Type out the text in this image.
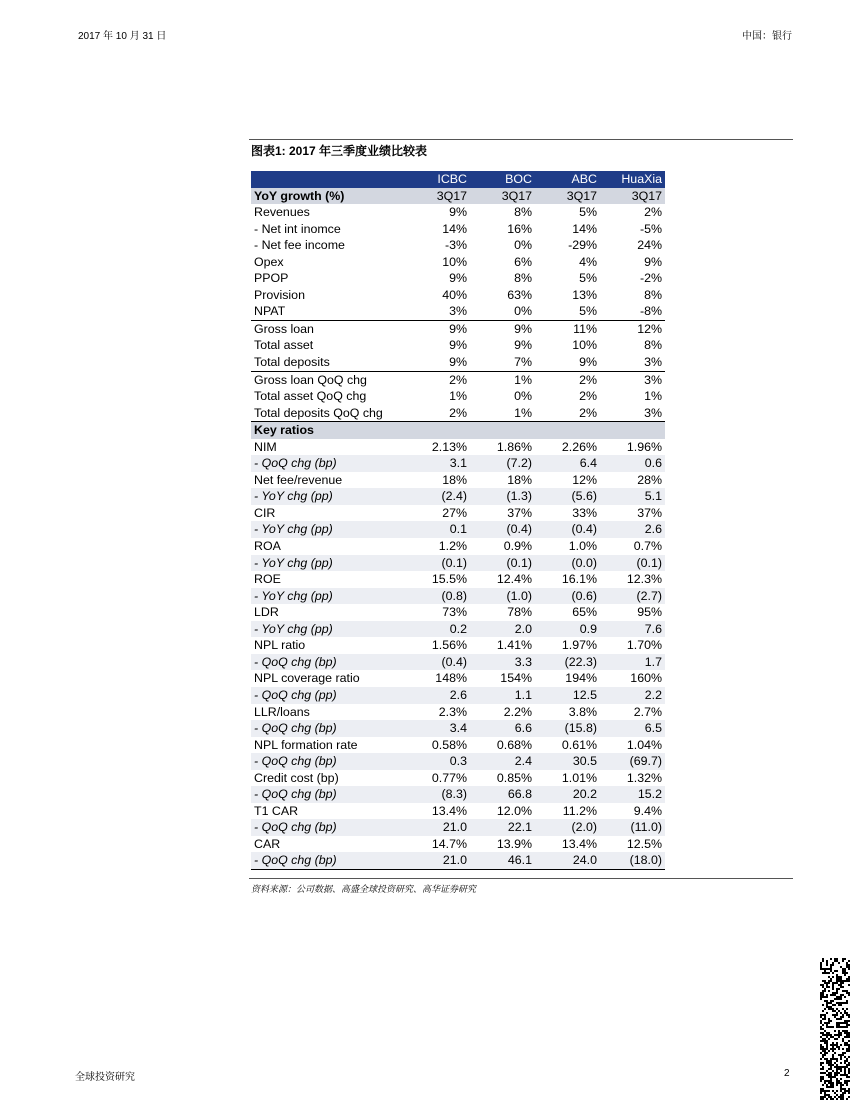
2017 年 10 月 31 日	中国：银行
图表1: 2017 年三季度业绩比较表
	ICBC	BOC	ABC	HuaXia
YoY growth (%)	3Q17	3Q17	3Q17	3Q17
Revenues	9%	8%	5%	2%
- Net int inomce	14%	16%	14%	-5%
- Net fee income	-3%	0%	-29%	24%
Opex	10%	6%	4%	9%
PPOP	9%	8%	5%	-2%
Provision	40%	63%	13%	8%
NPAT	3%	0%	5%	-8%
Gross loan	9%	9%	11%	12%
Total asset	9%	9%	10%	8%
Total deposits	9%	7%	9%	3%
Gross loan QoQ chg	2%	1%	2%	3%
Total asset QoQ chg	1%	0%	2%	1%
Total deposits QoQ chg	2%	1%	2%	3%
Key ratios				
NIM	2.13%	1.86%	2.26%	1.96%
- QoQ chg (bp)	3.1	(7.2)	6.4	0.6
Net fee/revenue	18%	18%	12%	28%
- YoY chg (pp)	(2.4)	(1.3)	(5.6)	5.1
CIR	27%	37%	33%	37%
- YoY chg (pp)	0.1	(0.4)	(0.4)	2.6
ROA	1.2%	0.9%	1.0%	0.7%
- YoY chg (pp)	(0.1)	(0.1)	(0.0)	(0.1)
ROE	15.5%	12.4%	16.1%	12.3%
- YoY chg (pp)	(0.8)	(1.0)	(0.6)	(2.7)
LDR	73%	78%	65%	95%
- YoY chg (pp)	0.2	2.0	0.9	7.6
NPL ratio	1.56%	1.41%	1.97%	1.70%
- QoQ chg (bp)	(0.4)	3.3	(22.3)	1.7
NPL coverage ratio	148%	154%	194%	160%
- QoQ chg (pp)	2.6	1.1	12.5	2.2
LLR/loans	2.3%	2.2%	3.8%	2.7%
- QoQ chg (bp)	3.4	6.6	(15.8)	6.5
NPL formation rate	0.58%	0.68%	0.61%	1.04%
- QoQ chg (bp)	0.3	2.4	30.5	(69.7)
Credit cost (bp)	0.77%	0.85%	1.01%	1.32%
- QoQ chg (bp)	(8.3)	66.8	20.2	15.2
T1 CAR	13.4%	12.0%	11.2%	9.4%
- QoQ chg (bp)	21.0	22.1	(2.0)	(11.0)
CAR	14.7%	13.9%	13.4%	12.5%
- QoQ chg (bp)	21.0	46.1	24.0	(18.0)
资料来源：公司数据、高盛全球投资研究、高华证券研究
全球投资研究	2
